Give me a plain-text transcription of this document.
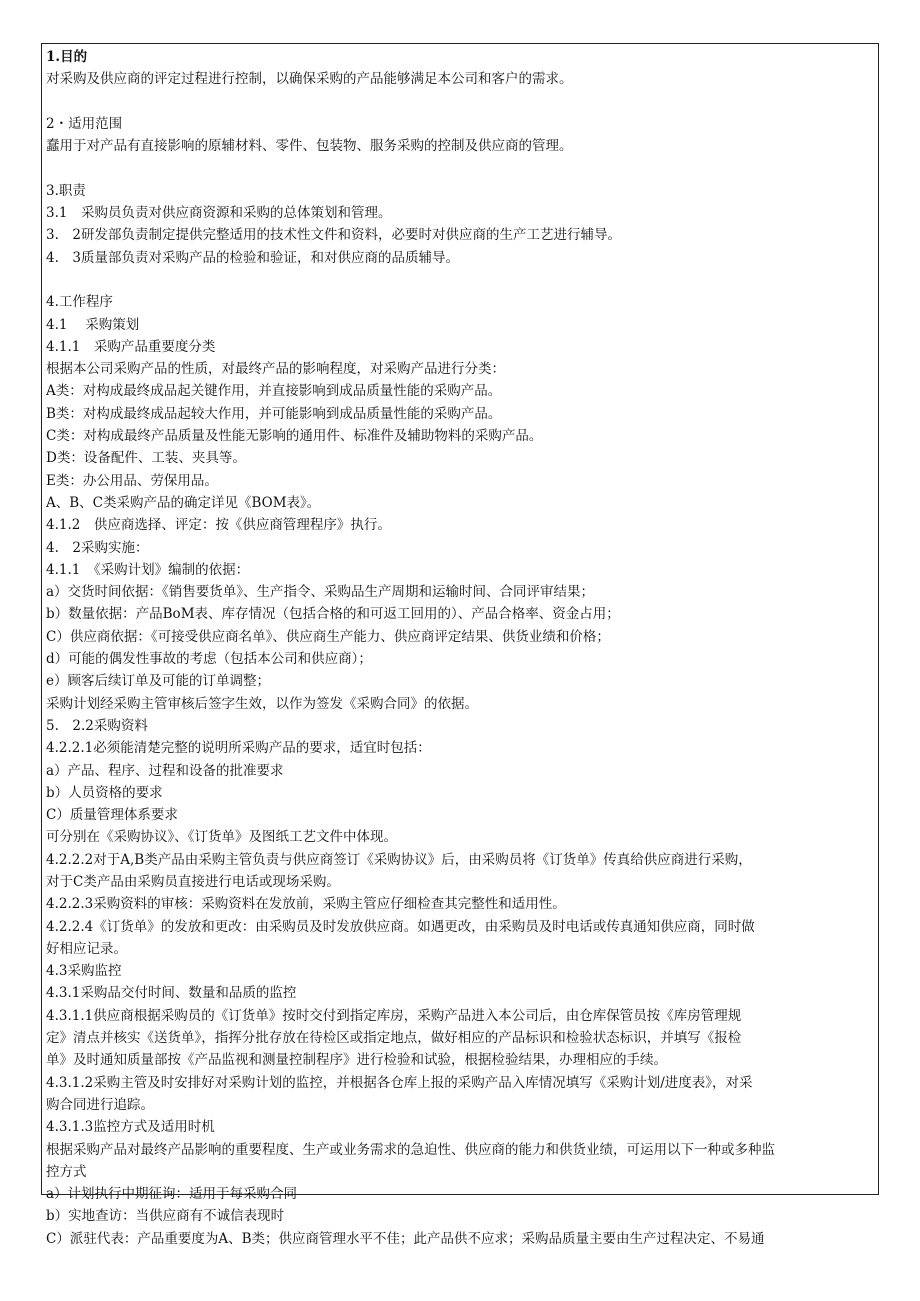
1.目的
对采购及供应商的评定过程进行控制，以确保采购的产品能够满足本公司和客户的需求。
2・适用范围
蠢用于对产品有直接影响的原辅材料、零件、包装物、服务采购的控制及供应商的管理。
3.职责
3.1　采购员负责对供应商资源和采购的总体策划和管理。
3.　2研发部负责制定提供完整适用的技术性文件和资料，必要时对供应商的生产工艺进行辅导。
4.　3质量部负责对采购产品的检验和验证，和对供应商的品质辅导。
4.工作程序
4.1　 采购策划
4.1.1　采购产品重要度分类
根据本公司采购产品的性质，对最终产品的影响程度，对采购产品进行分类：
A类：对构成最终成品起关键作用，并直接影响到成品质量性能的采购产品。
B类：对构成最终成品起较大作用，并可能影响到成品质量性能的采购产品。
C类：对构成最终产品质量及性能无影响的通用件、标准件及辅助物料的采购产品。
D类：设备配件、工装、夹具等。
E类：办公用品、劳保用品。
A、B、C类采购产品的确定详见《BOM表》。
4.1.2　供应商选择、评定：按《供应商管理程序》执行。
4.　2采购实施：
4.1.1　《采购计划》编制的依据：
a）交货时间依据：《销售要货单》、生产指令、采购品生产周期和运输时间、合同评审结果；
b）数量依据：产品BoM表、库存情况（包括合格的和可返工回用的）、产品合格率、资金占用；
C）供应商依据：《可接受供应商名单》、供应商生产能力、供应商评定结果、供货业绩和价格；
d）可能的偶发性事故的考虑（包括本公司和供应商）；
e）顾客后续订单及可能的订单调整；
采购计划经采购主管审核后签字生效，以作为签发《采购合同》的依据。
5.　2.2采购资料
4.2.2.1必须能清楚完整的说明所采购产品的要求，适宜时包括：
a）产品、程序、过程和设备的批准要求
b）人员资格的要求
C）质量管理体系要求
可分别在《采购协议》、《订货单》及图纸工艺文件中体现。
4.2.2.2对于A,B类产品由采购主管负责与供应商签订《采购协议》后，由采购员将《订货单》传真给供应商进行采购，
对于C类产品由采购员直接进行电话或现场采购。
4.2.2.3采购资料的审核：采购资料在发放前，采购主管应仔细检查其完整性和适用性。
4.2.2.4《订货单》的发放和更改：由采购员及时发放供应商。如遇更改，由采购员及时电话或传真通知供应商，同时做
好相应记录。
4.3采购监控
4.3.1采购品交付时间、数量和品质的监控
4.3.1.1供应商根据采购员的《订货单》按时交付到指定库房，采购产品进入本公司后，由仓库保管员按《库房管理规
定》清点并核实《送货单》，指挥分批存放在待检区或指定地点，做好相应的产品标识和检验状态标识，并填写《报检
单》及时通知质量部按《产品监视和测量控制程序》进行检验和试验，根据检验结果，办理相应的手续。
4.3.1.2采购主管及时安排好对采购计划的监控，并根据各仓库上报的采购产品入库情况填写《采购计划/进度表》，对采
购合同进行追踪。
4.3.1.3监控方式及适用时机
根据采购产品对最终产品影响的重要程度、生产或业务需求的急迫性、供应商的能力和供货业绩，可运用以下一种或多种监
控方式
a）计划执行中期征询：适用于每采购合同
b）实地查访：当供应商有不诚信表现时
C）派驻代表：产品重要度为A、B类；供应商管理水平不佳；此产品供不应求；采购品质量主要由生产过程决定、不易通
